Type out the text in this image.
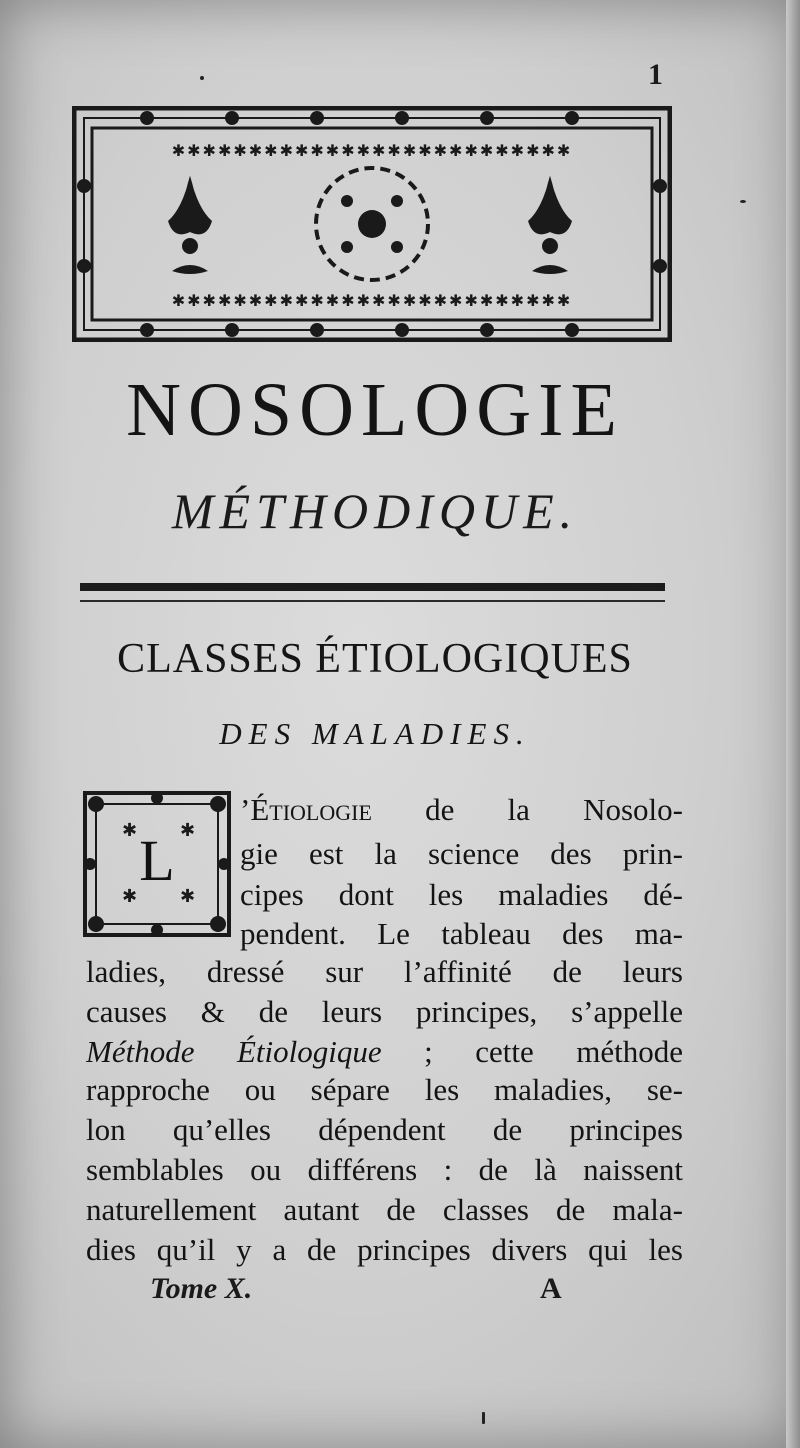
1
✱✱✱✱✱✱✱✱✱✱✱✱✱✱✱✱✱✱✱✱✱✱✱✱✱✱
✱✱✱✱✱✱✱✱✱✱✱✱✱✱✱✱✱✱✱✱✱✱✱✱✱✱
NOSOLOGIE
MÉTHODIQUE.
CLASSES ÉTIOLOGIQUES
DES MALADIES.
✱ ✱
✱ ✱
L
’Étiologie de la Nosolo-
gie est la science des prin-
cipes dont les maladies dé-
pendent. Le tableau des ma-
ladies, dressé sur l’affinité de leurs
causes & de leurs principes, s’appelle
Méthode Étiologique ; cette méthode
rapproche ou sépare les maladies, se-
lon qu’elles dépendent de principes
semblables ou différens : de là naissent
naturellement autant de classes de mala-
dies qu’il y a de principes divers qui les
Tome X.	A
